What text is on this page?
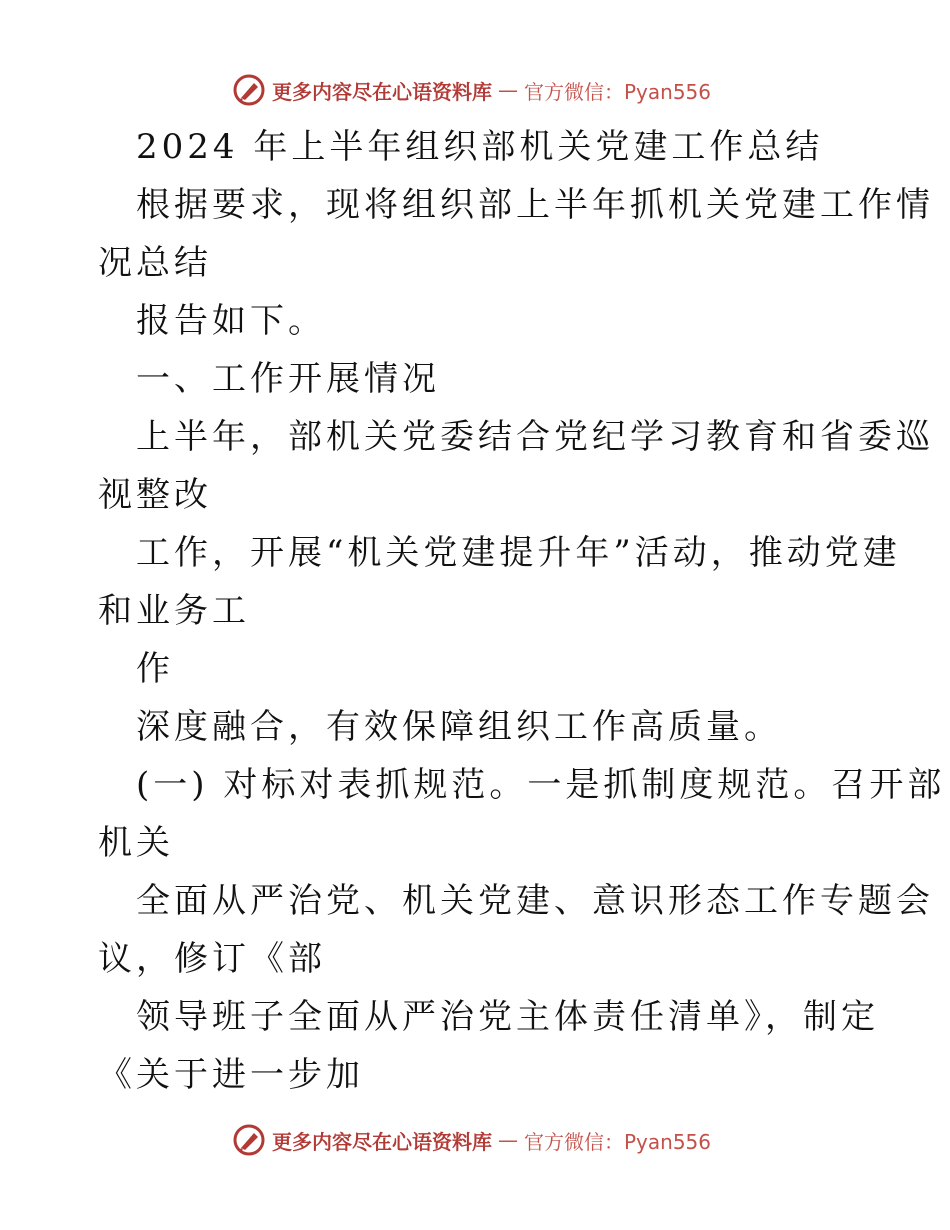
更多内容尽在心语资料库 — 官方微信：Pyan556
2024 年上半年组织部机关党建工作总结
根据要求，现将组织部上半年抓机关党建工作情
况总结
报告如下。
一、工作开展情况
上半年，部机关党委结合党纪学习教育和省委巡
视整改
工作，开展“机关党建提升年”活动，推动党建
和业务工
作
深度融合，有效保障组织工作高质量。
(一) 对标对表抓规范。一是抓制度规范。召开部
机关
全面从严治党、机关党建、意识形态工作专题会
议，修订《部
领导班子全面从严治党主体责任清单》，制定
《关于进一步加
更多内容尽在心语资料库 — 官方微信：Pyan556
